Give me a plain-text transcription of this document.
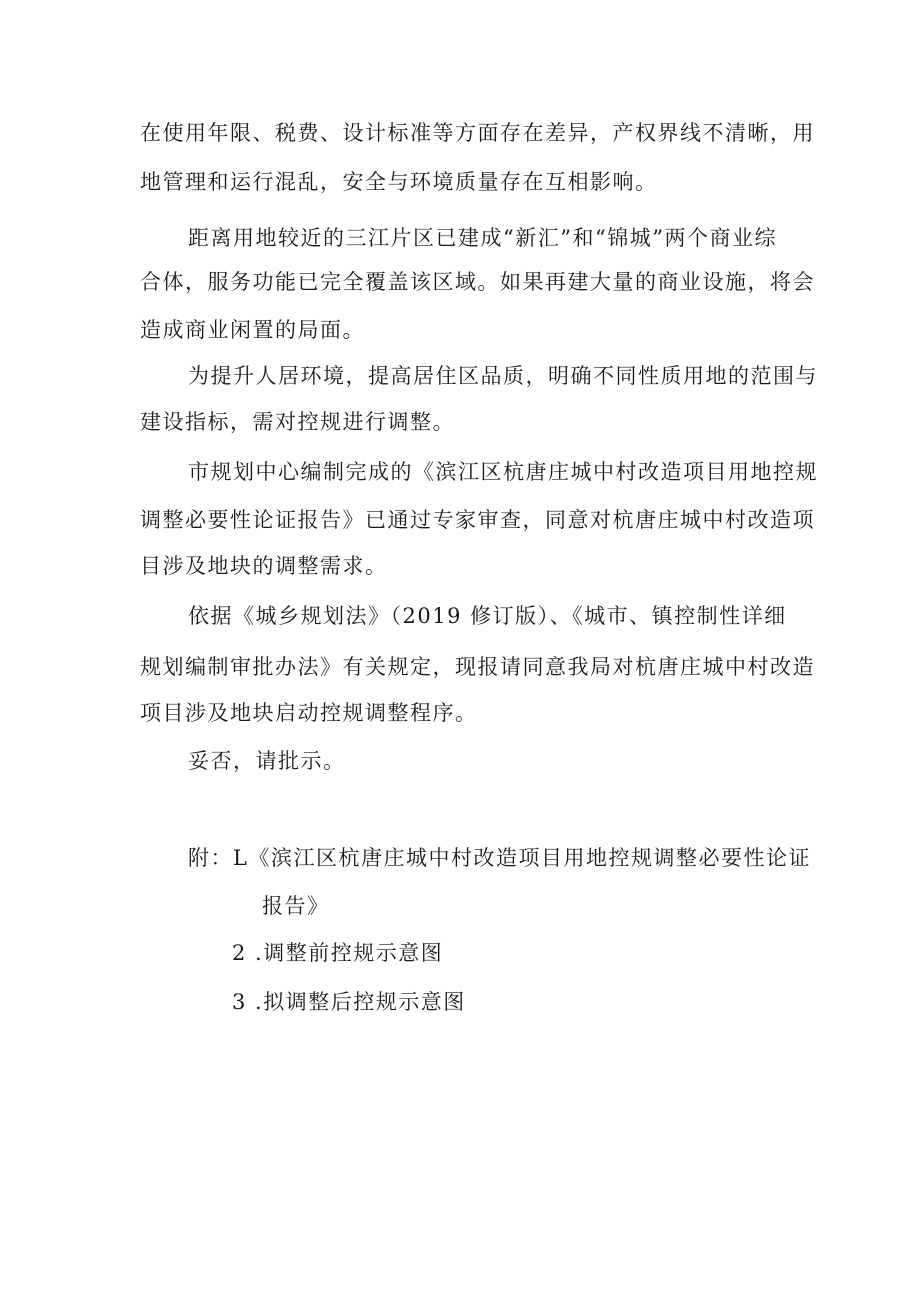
在使用年限、税费、设计标准等方面存在差异，产权界线不清晰，用
地管理和运行混乱，安全与环境质量存在互相影响。
距离用地较近的三江片区已建成“新汇”和“锦城”两个商业综
合体，服务功能已完全覆盖该区域。如果再建大量的商业设施，将会
造成商业闲置的局面。
为提升人居环境，提高居住区品质，明确不同性质用地的范围与
建设指标，需对控规进行调整。
市规划中心编制完成的《滨江区杭唐庄城中村改造项目用地控规
调整必要性论证报告》已通过专家审查，同意对杭唐庄城中村改造项
目涉及地块的调整需求。
依据《城乡规划法》（2019 修订版）、《城市、镇控制性详细
规划编制审批办法》有关规定，现报请同意我局对杭唐庄城中村改造
项目涉及地块启动控规调整程序。
妥否，请批示。
附：L《滨江区杭唐庄城中村改造项目用地控规调整必要性论证
报告》
2 .调整前控规示意图
3 .拟调整后控规示意图
